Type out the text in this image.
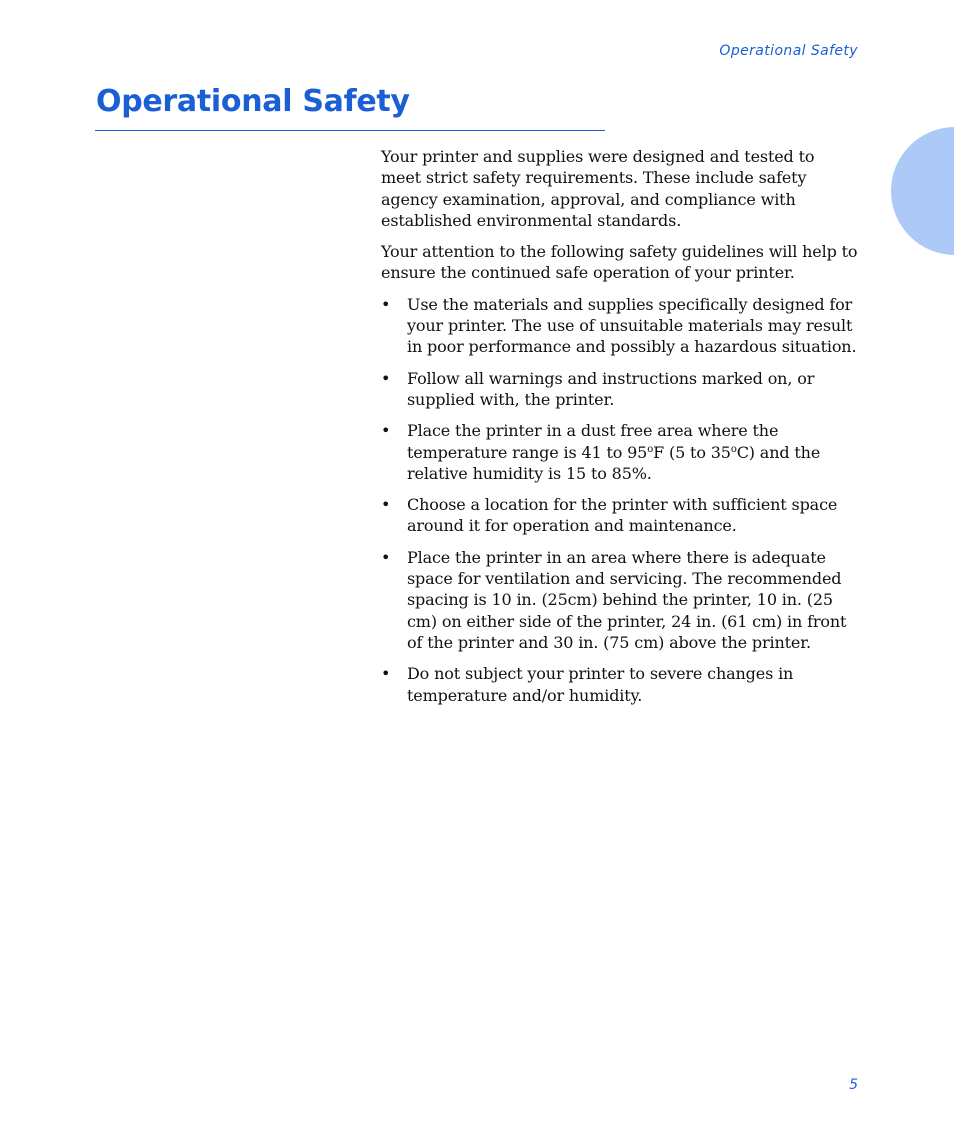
Operational Safety
Operational Safety

Your printer and supplies were designed and tested to meet strict safety requirements. These include safety agency examination, approval, and compliance with established environmental standards.

Your attention to the following safety guidelines will help to ensure the continued safe operation of your printer.

• Use the materials and supplies specifically designed for your printer. The use of unsuitable materials may result in poor performance and possibly a hazardous situation.
• Follow all warnings and instructions marked on, or supplied with, the printer.
• Place the printer in a dust free area where the temperature range is 41 to 95$^o$F (5 to 35$^o$C) and the relative humidity is 15 to 85%.
• Choose a location for the printer with sufficient space around it for operation and maintenance.
• Place the printer in an area where there is adequate space for ventilation and servicing. The recommended spacing is 10 in. (25cm) behind the printer, 10 in. (25 cm) on either side of the printer, 24 in. (61 cm) in front of the printer and 30 in. (75 cm) above the printer.
• Do not subject your printer to severe changes in temperature and/or humidity.
5
